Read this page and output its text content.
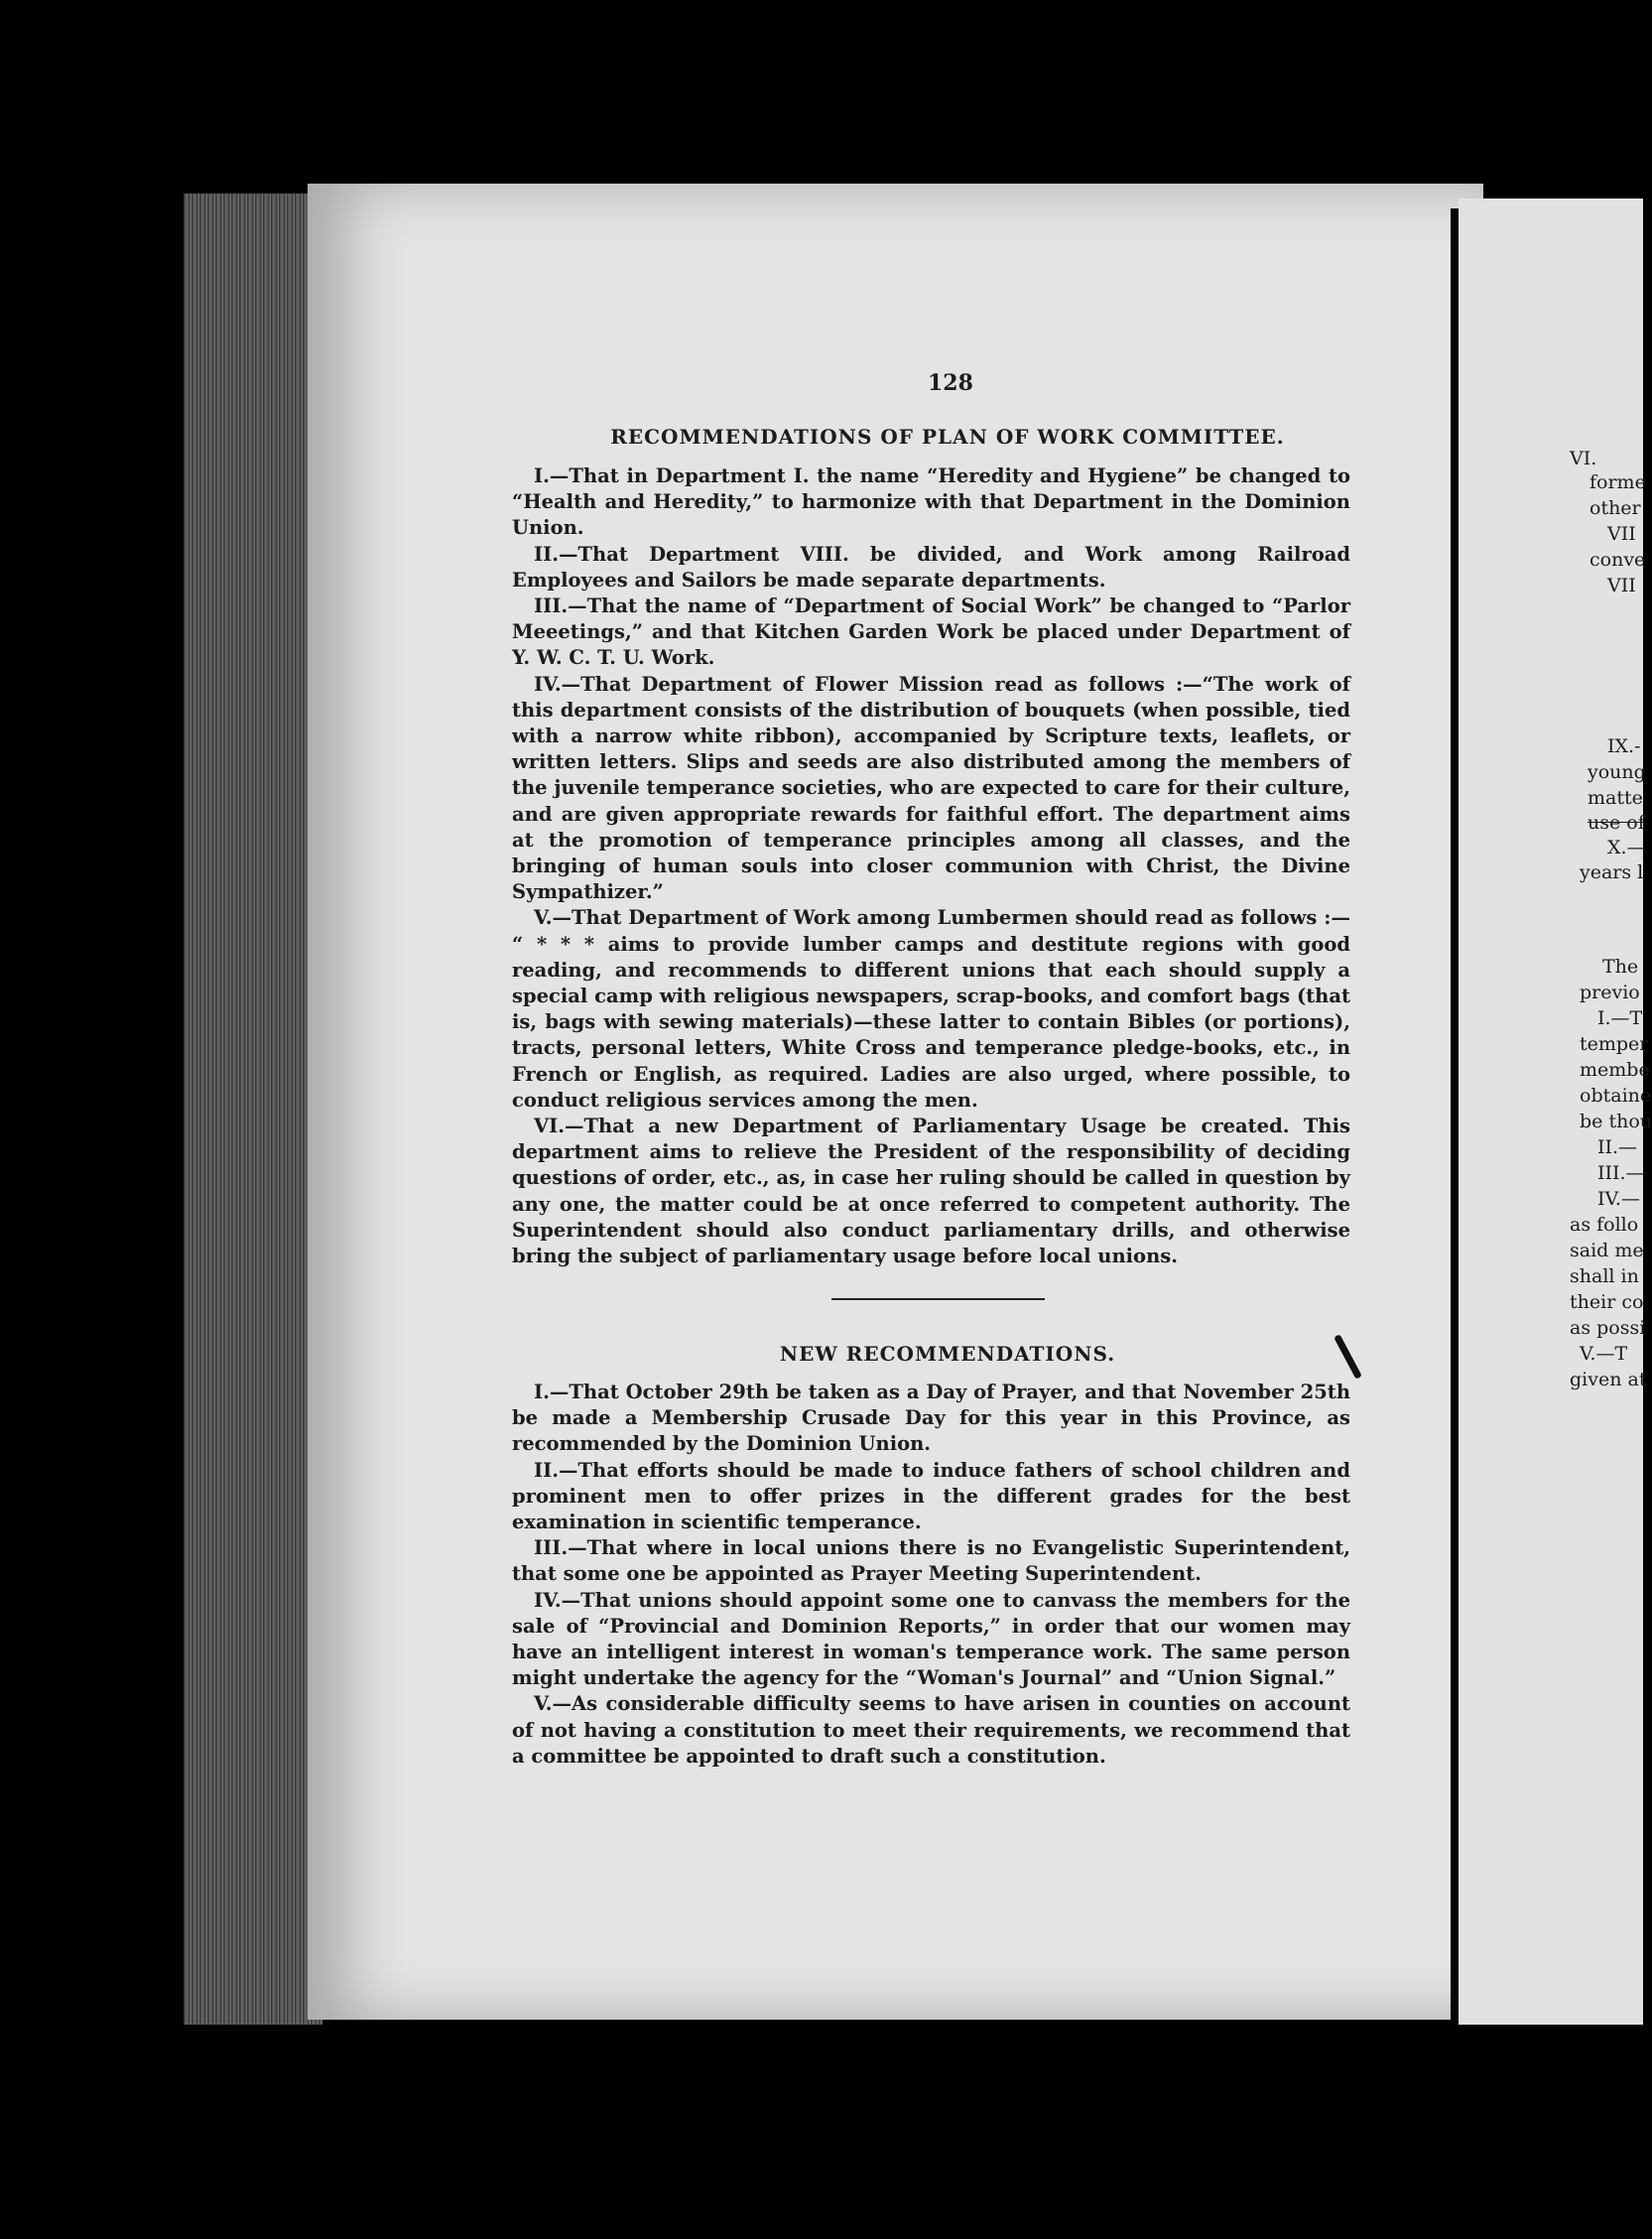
VI.
forme
other
VII
conve
VII
IX.-
young
matte
use of
X.—
years l
The
previo
I.—T
temper
membe
obtaine
be thou
II.—
III.—
IV.—
as follo
said me
shall in
their co
as possi
V.—T
given at
128
RECOMMENDATIONS OF PLAN OF WORK COMMITTEE.

I.—That in Department I. the name “Heredity and Hygiene” be changed to “Health and Heredity,” to harmonize with that Department in the Dominion Union.

II.—That Department VIII. be divided, and Work among Railroad Employees and Sailors be made separate departments.

III.—That the name of “Department of Social Work” be changed to “Parlor Meeetings,” and that Kitchen Garden Work be placed under Department of Y. W. C. T. U. Work.

IV.—That Department of Flower Mission read as follows :—“The work of this department consists of the distribution of bouquets (when possible, tied with a narrow white ribbon), accompanied by Scripture texts, leaflets, or written letters. Slips and seeds are also distributed among the members of the juvenile temperance societies, who are expected to care for their culture, and are given appropriate rewards for faithful effort. The department aims at the promotion of temperance principles among all classes, and the bringing of human souls into closer communion with Christ, the Divine Sympathizer.”

V.—That Department of Work among Lumbermen should read as follows :— “ * * * aims to provide lumber camps and destitute regions with good reading, and recommends to different unions that each should supply a special camp with religious newspapers, scrap-books, and comfort bags (that is, bags with sewing materials)—these latter to contain Bibles (or portions), tracts, personal letters, White Cross and temperance pledge-books, etc., in French or English, as required. Ladies are also urged, where possible, to conduct religious services among the men.

VI.—That a new Department of Parliamentary Usage be created. This department aims to relieve the President of the responsibility of deciding questions of order, etc., as, in case her ruling should be called in question by any one, the matter could be at once referred to competent authority. The Superintendent should also conduct parliamentary drills, and otherwise bring the subject of parliamentary usage before local unions.

NEW RECOMMENDATIONS.

I.—That October 29th be taken as a Day of Prayer, and that November 25th be made a Membership Crusade Day for this year in this Province, as recommended by the Dominion Union.

II.—That efforts should be made to induce fathers of school children and prominent men to offer prizes in the different grades for the best examination in scientific temperance.

III.—That where in local unions there is no Evangelistic Superintendent, that some one be appointed as Prayer Meeting Superintendent.

IV.—That unions should appoint some one to canvass the members for the sale of “Provincial and Dominion Reports,” in order that our women may have an intelligent interest in woman's temperance work. The same person might undertake the agency for the “Woman's Journal” and “Union Signal.”

V.—As considerable difficulty seems to have arisen in counties on account of not having a constitution to meet their requirements, we recommend that a committee be appointed to draft such a constitution.
